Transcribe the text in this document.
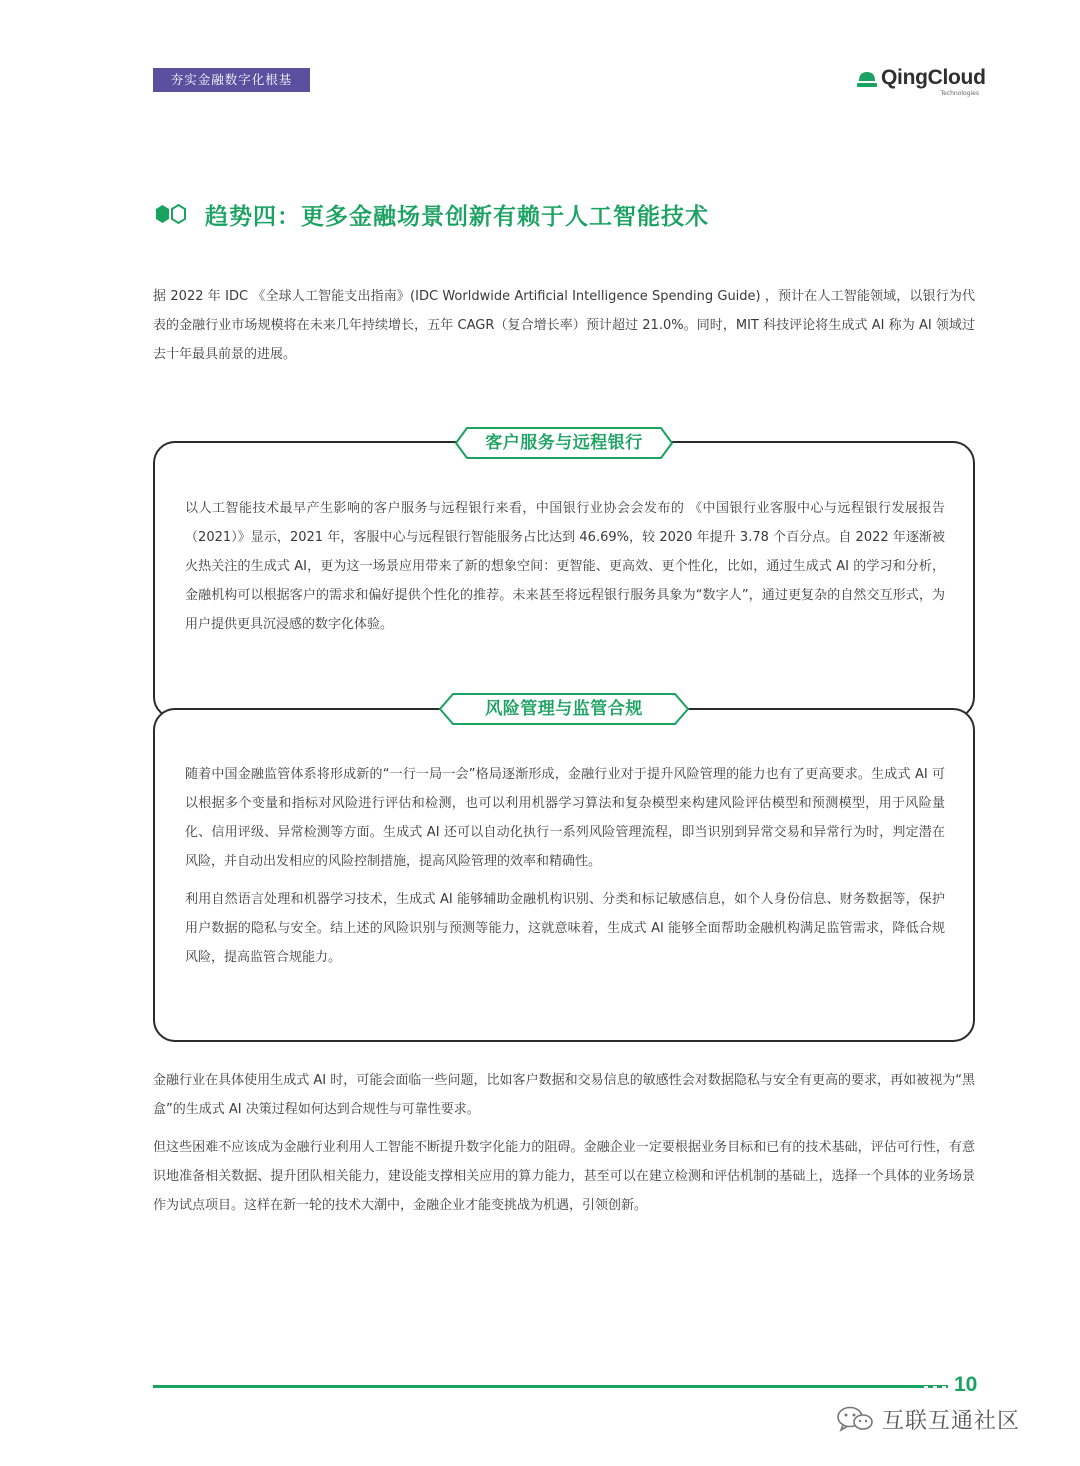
夯实金融数字化根基	QingCloud
Technologies
趋势四：更多金融场景创新有赖于人工智能技术

据 2022 年 IDC 《全球人工智能支出指南》(IDC Worldwide Artificial Intelligence Spending Guide) ，预计在人工智能领域，以银行为代表的金融行业市场规模将在未来几年持续增长，五年 CAGR（复合增长率）预计超过 21.0%。同时，MIT 科技评论将生成式 AI 称为 AI 领域过去十年最具前景的进展。

客户服务与远程银行

以人工智能技术最早产生影响的客户服务与远程银行来看，中国银行业协会会发布的 《中国银行业客服中心与远程银行发展报告（2021）》显示，2021 年，客服中心与远程银行智能服务占比达到 46.69%，较 2020 年提升 3.78 个百分点。自 2022 年逐渐被火热关注的生成式 AI，更为这一场景应用带来了新的想象空间：更智能、更高效、更个性化，比如，通过生成式 AI 的学习和分析，金融机构可以根据客户的需求和偏好提供个性化的推荐。未来甚至将远程银行服务具象为“数字人”，通过更复杂的自然交互形式，为用户提供更具沉浸感的数字化体验。

风险管理与监管合规

随着中国金融监管体系将形成新的“一行一局一会”格局逐渐形成，金融行业对于提升风险管理的能力也有了更高要求。生成式 AI 可以根据多个变量和指标对风险进行评估和检测，也可以利用机器学习算法和复杂模型来构建风险评估模型和预测模型，用于风险量化、信用评级、异常检测等方面。生成式 AI 还可以自动化执行一系列风险管理流程，即当识别到异常交易和异常行为时，判定潜在风险，并自动出发相应的风险控制措施，提高风险管理的效率和精确性。

利用自然语言处理和机器学习技术，生成式 AI 能够辅助金融机构识别、分类和标记敏感信息，如个人身份信息、财务数据等，保护用户数据的隐私与安全。结上述的风险识别与预测等能力，这就意味着，生成式 AI 能够全面帮助金融机构满足监管需求，降低合规风险，提高监管合规能力。

金融行业在具体使用生成式 AI 时，可能会面临一些问题，比如客户数据和交易信息的敏感性会对数据隐私与安全有更高的要求，再如被视为“黑盒”的生成式 AI 决策过程如何达到合规性与可靠性要求。

但这些困难不应该成为金融行业利用人工智能不断提升数字化能力的阻碍。金融企业一定要根据业务目标和已有的技术基础，评估可行性，有意识地准备相关数据、提升团队相关能力，建设能支撑相关应用的算力能力，甚至可以在建立检测和评估机制的基础上，选择一个具体的业务场景作为试点项目。这样在新一轮的技术大潮中，金融企业才能变挑战为机遇，引领创新。

10
互联互通社区
